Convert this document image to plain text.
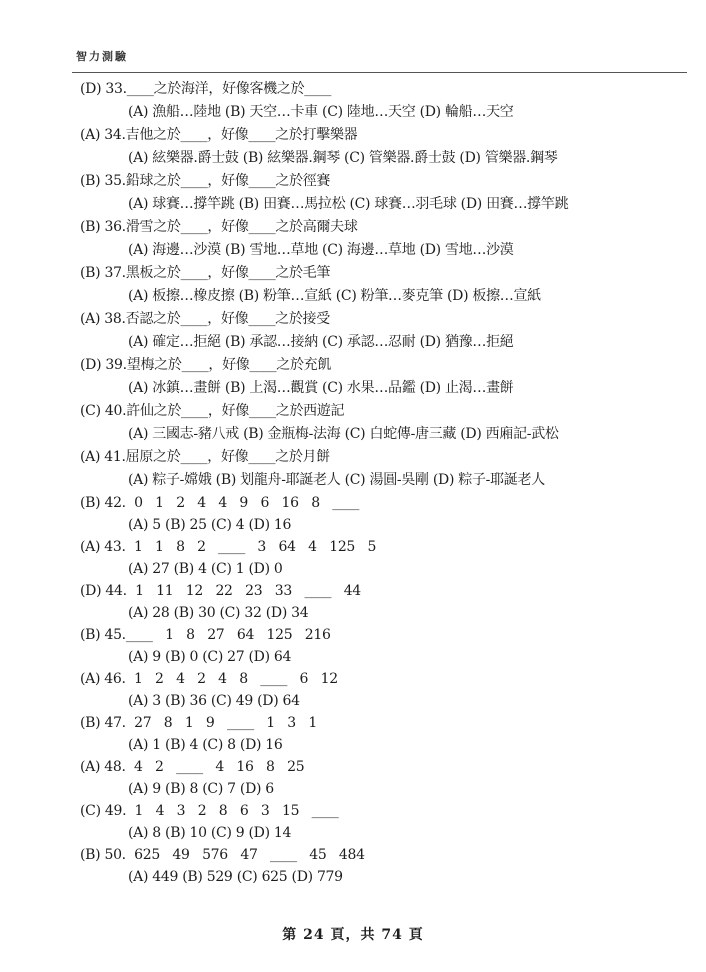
智力測驗
(D) 33.____之於海洋，好像客機之於____
(A) 漁船…陸地 (B) 天空…卡車 (C) 陸地…天空 (D) 輪船…天空
(A) 34.吉他之於____，好像____之於打擊樂器
(A) 絃樂器.爵士鼓 (B) 絃樂器.鋼琴 (C) 管樂器.爵士鼓 (D) 管樂器.鋼琴
(B) 35.鉛球之於____，好像____之於徑賽
(A) 球賽…撐竿跳 (B) 田賽…馬拉松 (C) 球賽…羽毛球 (D) 田賽…撐竿跳
(B) 36.滑雪之於____，好像____之於高爾夫球
(A) 海邊…沙漠 (B) 雪地…草地 (C) 海邊…草地 (D) 雪地…沙漠
(B) 37.黑板之於____，好像____之於毛筆
(A) 板擦…橡皮擦 (B) 粉筆…宣紙 (C) 粉筆…麥克筆 (D) 板擦…宣紙
(A) 38.否認之於____，好像____之於接受
(A) 確定…拒絕 (B) 承認…接納 (C) 承認…忍耐 (D) 猶豫…拒絕
(D) 39.望梅之於____，好像____之於充飢
(A) 冰鎮…畫餅 (B) 上渴…觀賞 (C) 水果…品鑑 (D) 止渴…畫餅
(C) 40.許仙之於____，好像____之於西遊記
(A) 三國志-豬八戒 (B) 金瓶梅-法海 (C) 白蛇傳-唐三藏 (D) 西廂記-武松
(A) 41.屈原之於____，好像____之於月餅
(A) 粽子-嫦娥 (B) 划龍舟-耶誕老人 (C) 湯圓-吳剛 (D) 粽子-耶誕老人
(B) 42.  0   1   2   4   4   9   6   16   8   ____
(A) 5 (B) 25 (C) 4 (D) 16
(A) 43.  1   1   8   2   ____   3   64   4   125   5
(A) 27 (B) 4 (C) 1 (D) 0
(D) 44.  1   11   12   22   23   33   ____   44
(A) 28 (B) 30 (C) 32 (D) 34
(B) 45.____   1   8   27   64   125   216
(A) 9 (B) 0 (C) 27 (D) 64
(A) 46.  1   2   4   2   4   8   ____   6   12
(A) 3 (B) 36 (C) 49 (D) 64
(B) 47.  27   8   1   9   ____   1   3   1
(A) 1 (B) 4 (C) 8 (D) 16
(A) 48.  4   2   ____   4   16   8   25
(A) 9 (B) 8 (C) 7 (D) 6
(C) 49.  1   4   3   2   8   6   3   15   ____
(A) 8 (B) 10 (C) 9 (D) 14
(B) 50.  625   49   576   47   ____   45   484
(A) 449 (B) 529 (C) 625 (D) 779
第 24 頁，共 74 頁
